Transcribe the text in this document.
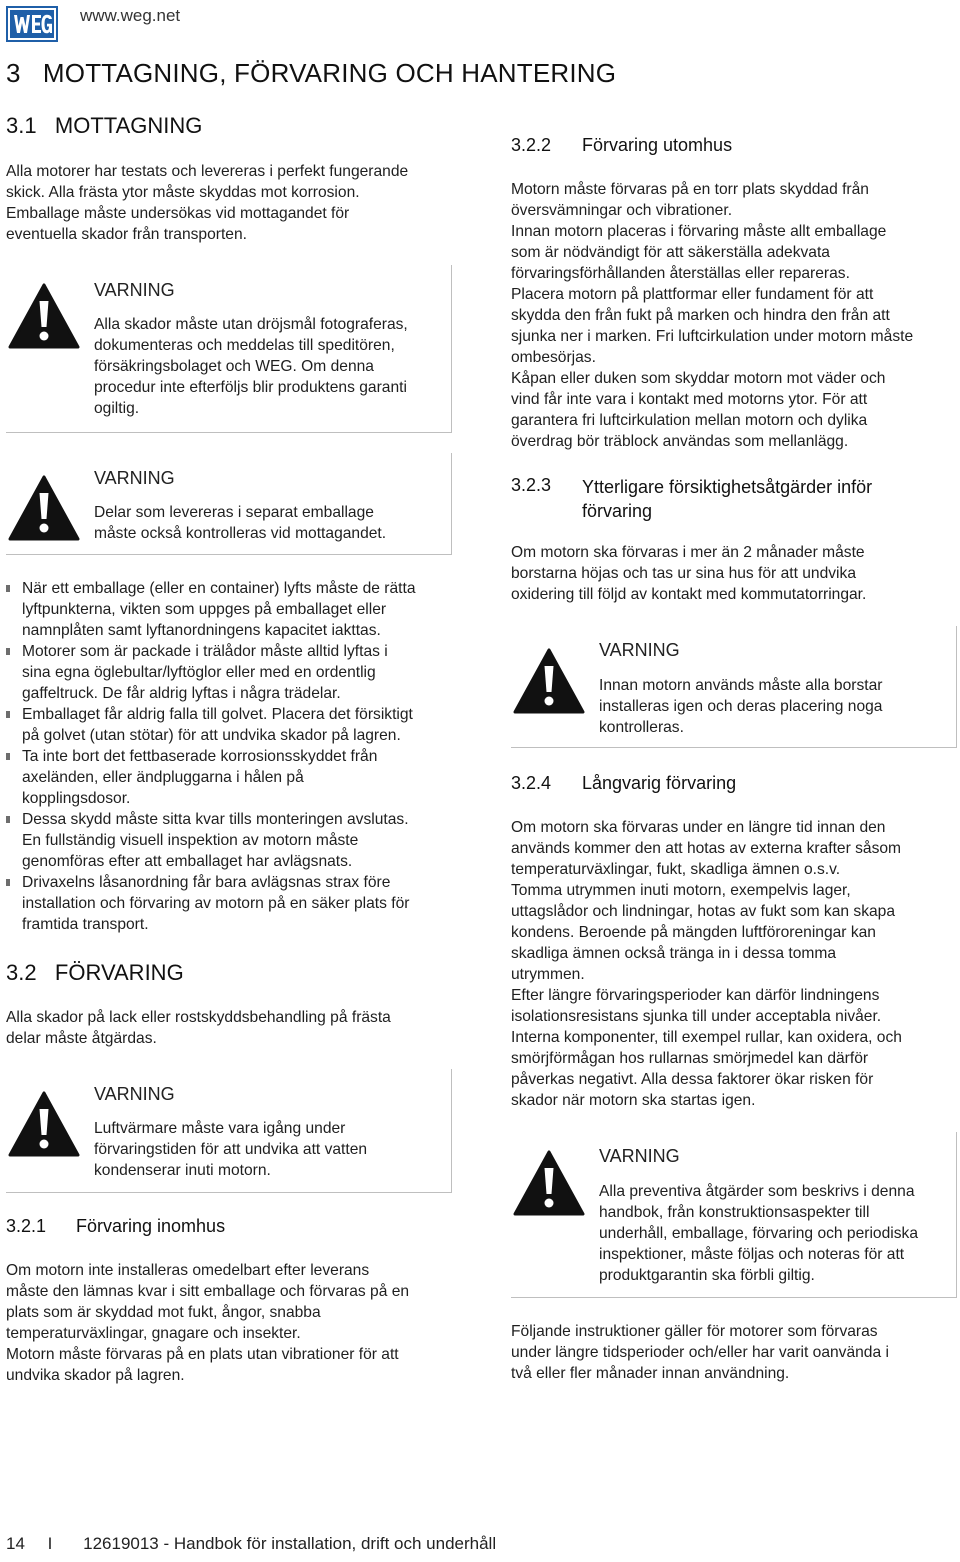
www.weg.net
3   MOTTAGNING, FÖRVARING OCH HANTERING
3.1   MOTTAGNING

Alla motorer har testats och levereras i perfekt fungerande

skick. Alla frästa ytor måste skyddas mot korrosion.

Emballage måste undersökas vid mottagandet för

eventuella skador från transporten.

VARNING

Alla skador måste utan dröjsmål fotograferas,

dokumenteras och meddelas till speditören,

försäkringsbolaget och WEG. Om denna

procedur inte efterföljs blir produktens garanti

ogiltig.

VARNING

Delar som levereras i separat emballage

måste också kontrolleras vid mottagandet.

När ett emballage (eller en container) lyfts måste de rätta
lyftpunkterna, vikten som uppges på emballaget eller
namnplåten samt lyftanordningens kapacitet iakttas.
Motorer som är packade i trälådor måste alltid lyftas i
sina egna öglebultar/lyftöglor eller med en ordentlig
gaffeltruck. De får aldrig lyftas i några trädelar.
Emballaget får aldrig falla till golvet. Placera det försiktigt
på golvet (utan stötar) för att undvika skador på lagren.
Ta inte bort det fettbaserade korrosionsskyddet från
axeländen, eller ändpluggarna i hålen på
kopplingsdosor.
Dessa skydd måste sitta kvar tills monteringen avslutas.
En fullständig visuell inspektion av motorn måste
genomföras efter att emballaget har avlägsnats.
Drivaxelns låsanordning får bara avlägsnas strax före
installation och förvaring av motorn på en säker plats för
framtida transport.
3.2   FÖRVARING

Alla skador på lack eller rostskyddsbehandling på frästa

delar måste åtgärdas.

VARNING

Luftvärmare måste vara igång under

förvaringstiden för att undvika att vatten

kondenserar inuti motorn.

3.2.1 Förvaring inomhus

Om motorn inte installeras omedelbart efter leverans

måste den lämnas kvar i sitt emballage och förvaras på en

plats som är skyddad mot fukt, ångor, snabba

temperaturväxlingar, gnagare och insekter.

Motorn måste förvaras på en plats utan vibrationer för att

undvika skador på lagren.

3.2.2 Förvaring utomhus

Motorn måste förvaras på en torr plats skyddad från

översvämningar och vibrationer.

Innan motorn placeras i förvaring måste allt emballage

som är nödvändigt för att säkerställa adekvata

förvaringsförhållanden återställas eller repareras.

Placera motorn på plattformar eller fundament för att

skydda den från fukt på marken och hindra den från att

sjunka ner i marken. Fri luftcirkulation under motorn måste

ombesörjas.

Kåpan eller duken som skyddar motorn mot väder och

vind får inte vara i kontakt med motorns ytor. För att

garantera fri luftcirkulation mellan motorn och dylika

överdrag bör träblock användas som mellanlägg.

3.2.3 Ytterligare försiktighetsåtgärder inför
förvaring

Om motorn ska förvaras i mer än 2 månader måste

borstarna höjas och tas ur sina hus för att undvika

oxidering till följd av kontakt med kommutatorringar.

VARNING

Innan motorn används måste alla borstar

installeras igen och deras placering noga

kontrolleras.

3.2.4 Långvarig förvaring

Om motorn ska förvaras under en längre tid innan den

används kommer den att hotas av externa krafter såsom

temperaturväxlingar, fukt, skadliga ämnen o.s.v.

Tomma utrymmen inuti motorn, exempelvis lager,

uttagslådor och lindningar, hotas av fukt som kan skapa

kondens. Beroende på mängden luftföroreningar kan

skadliga ämnen också tränga in i dessa tomma

utrymmen.

Efter längre förvaringsperioder kan därför lindningens

isolationsresistans sjunka till under acceptabla nivåer.

Interna komponenter, till exempel rullar, kan oxidera, och

smörjförmågan hos rullarnas smörjmedel kan därför

påverkas negativt. Alla dessa faktorer ökar risken för

skador när motorn ska startas igen.

VARNING

Alla preventiva åtgärder som beskrivs i denna

handbok, från konstruktionsaspekter till

underhåll, emballage, förvaring och periodiska

inspektioner, måste följas och noteras för att

produktgarantin ska förbli giltig.

Följande instruktioner gäller för motorer som förvaras

under längre tidsperioder och/eller har varit oanvända i

två eller fler månader innan användning.

14 I 12619013 - Handbok för installation, drift och underhåll
